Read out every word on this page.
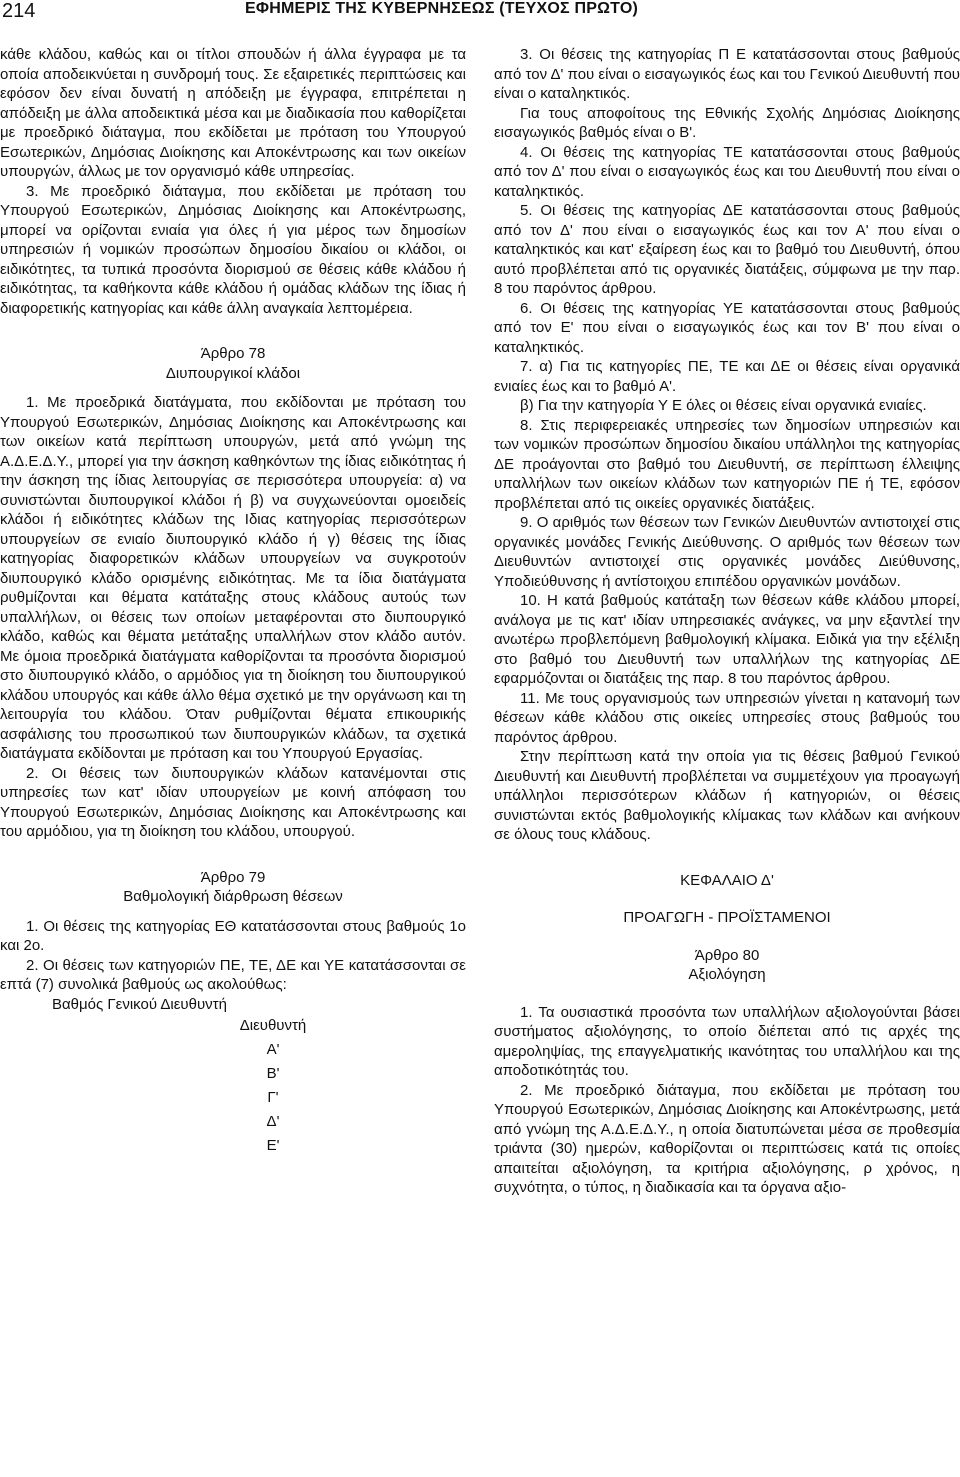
214	ΕΦΗΜΕΡΙΣ ΤΗΣ ΚΥΒΕΡΝΗΣΕΩΣ (ΤΕΥΧΟΣ ΠΡΩΤΟ)

κάθε κλάδου, καθώς και οι τίτλοι σπουδών ή άλλα έγγραφα με τα οποία αποδεικνύεται η συνδρομή τους. Σε εξαιρετικές περιπτώσεις και εφόσον δεν είναι δυνατή η απόδειξη με έγγραφα, επιτρέπεται η απόδειξη με άλλα αποδεικτικά μέσα και με διαδικασία που καθορίζεται με προεδρικό διάταγμα, που εκδίδεται με πρόταση του Υπουργού Εσωτερικών, Δημόσιας Διοίκησης και Αποκέντρωσης και των οικείων υπουργών, άλλως με τον οργανισμό κάθε υπηρεσίας.

3. Με προεδρικό διάταγμα, που εκδίδεται με πρόταση του Υπουργού Εσωτερικών, Δημόσιας Διοίκησης και Αποκέντρωσης, μπορεί να ορίζονται ενιαία για όλες ή για μέρος των δημοσίων υπηρεσιών ή νομικών προσώπων δημοσίου δικαίου οι κλάδοι, οι ειδικότητες, τα τυπικά προσόντα διορισμού σε θέσεις κάθε κλάδου ή ειδικότητας, τα καθήκοντα κάθε κλάδου ή ομάδας κλάδων της ίδιας ή διαφορετικής κατηγορίας και κάθε άλλη αναγκαία λεπτομέρεια.

Άρθρο 78

Διυπουργικοί κλάδοι

1. Με προεδρικά διατάγματα, που εκδίδονται με πρόταση του Υπουργού Εσωτερικών, Δημόσιας Διοίκησης και Αποκέντρωσης και των οικείων κατά περίπτωση υπουργών, μετά από γνώμη της Α.Δ.Ε.Δ.Υ., μπορεί για την άσκηση καθηκόντων της ίδιας ειδικότητας ή την άσκηση της ίδιας λειτουργίας σε περισσότερα υπουργεία: α) να συνιστώνται διυπουργικοί κλάδοι ή β) να συγχωνεύονται ομοειδείς κλάδοι ή ειδικότητες κλάδων της Ιδιας κατηγορίας περισσότερων υπουργείων σε ενιαίο διυπουργικό κλάδο ή γ) θέσεις της ίδιας κατηγορίας διαφορετικών κλάδων υπουργείων να συγκροτούν διυπουργικό κλάδο ορισμένης ειδικότητας. Με τα ίδια διατάγματα ρυθμίζονται και θέματα κατάταξης στους κλάδους αυτούς των υπαλλήλων, οι θέσεις των οποίων μεταφέρονται στο διυπουργικό κλάδο, καθώς και θέματα μετάταξης υπαλλήλων στον κλάδο αυτόν. Με όμοια προεδρικά διατάγματα καθορίζονται τα προσόντα διορισμού στο διυπουργικό κλάδο, ο αρμόδιος για τη διοίκηση του διυπουργικού κλάδου υπουργός και κάθε άλλο θέμα σχετικό με την οργάνωση και τη λειτουργία του κλάδου. Όταν ρυθμίζονται θέματα επικουρικής ασφάλισης του προσωπικού των διυπουργικών κλάδων, τα σχετικά διατάγματα εκδίδονται με πρόταση και του Υπουργού Εργασίας.

2. Οι θέσεις των διυπουργικών κλάδων κατανέμονται στις υπηρεσίες των κατ' ιδίαν υπουργείων με κοινή απόφαση του Υπουργού Εσωτερικών, Δημόσιας Διοίκησης και Αποκέντρωσης και του αρμόδιου, για τη διοίκηση του κλάδου, υπουργού.

Άρθρο 79

Βαθμολογική διάρθρωση θέσεων

1. Οι θέσεις της κατηγορίας ΕΘ κατατάσσονται στους βαθμούς 1ο και 2ο.

2. Οι θέσεις των κατηγοριών ΠΕ, ΤΕ, ΔΕ και ΥΕ κατατάσσονται σε επτά (7) συνολικά βαθμούς ως ακολούθως:

Βαθμός Γενικού Διευθυντή

Διευθυντή
Α'
Β'
Γ'
Δ'
Ε'

3. Οι θέσεις της κατηγορίας Π Ε κατατάσσονται στους βαθμούς από τον Δ' που είναι ο εισαγωγικός έως και του Γενικού Διευθυντή που είναι ο καταληκτικός.

Για τους αποφοίτους της Εθνικής Σχολής Δημόσιας Διοίκησης εισαγωγικός βαθμός είναι ο Β'.

4. Οι θέσεις της κατηγορίας ΤΕ κατατάσσονται στους βαθμούς από τον Δ' που είναι ο εισαγωγικός έως και του Διευθυντή που είναι ο καταληκτικός.

5. Οι θέσεις της κατηγορίας ΔΕ κατατάσσονται στους βαθμούς από τον Δ' που είναι ο εισαγωγικός έως και τον Α' που είναι ο καταληκτικός και κατ' εξαίρεση έως και το βαθμό του Διευθυντή, όπου αυτό προβλέπεται από τις οργανικές διατάξεις, σύμφωνα με την παρ. 8 του παρόντος άρθρου.

6. Οι θέσεις της κατηγορίας ΥΕ κατατάσσονται στους βαθμούς από τον Ε' που είναι ο εισαγωγικός έως και τον Β' που είναι ο καταληκτικός.

7. α) Για τις κατηγορίες ΠΕ, ΤΕ και ΔΕ οι θέσεις είναι οργανικά ενιαίες έως και το βαθμό Α'.

β) Για την κατηγορία Υ Ε όλες οι θέσεις είναι οργανικά ενιαίες.

8. Στις περιφερειακές υπηρεσίες των δημοσίων υπηρεσιών και των νομικών προσώπων δημοσίου δικαίου υπάλληλοι της κατηγορίας ΔΕ προάγονται στο βαθμό του Διευθυντή, σε περίπτωση έλλειψης υπαλλήλων των οικείων κλάδων των κατηγοριών ΠΕ ή ΤΕ, εφόσον προβλέπεται από τις οικείες οργανικές διατάξεις.

9. Ο αριθμός των θέσεων των Γενικών Διευθυντών αντιστοιχεί στις οργανικές μονάδες Γενικής Διεύθυνσης. Ο αριθμός των θέσεων των Διευθυντών αντιστοιχεί στις οργανικές μονάδες Διεύθυνσης, Υποδιεύθυνσης ή αντίστοιχου επιπέδου οργανικών μονάδων.

10. Η κατά βαθμούς κατάταξη των θέσεων κάθε κλάδου μπορεί, ανάλογα με τις κατ' ιδίαν υπηρεσιακές ανάγκες, να μην εξαντλεί την ανωτέρω προβλεπόμενη βαθμολογική κλίμακα. Ειδικά για την εξέλιξη στο βαθμό του Διευθυντή των υπαλλήλων της κατηγορίας ΔΕ εφαρμόζονται οι διατάξεις της παρ. 8 του παρόντος άρθρου.

11. Με τους οργανισμούς των υπηρεσιών γίνεται η κατανομή των θέσεων κάθε κλάδου στις οικείες υπηρεσίες στους βαθμούς του παρόντος άρθρου.

Στην περίπτωση κατά την οποία για τις θέσεις βαθμού Γενικού Διευθυντή και Διευθυντή προβλέπεται να συμμετέχουν για προαγωγή υπάλληλοι περισσότερων κλάδων ή κατηγοριών, οι θέσεις συνιστώνται εκτός βαθμολογικής κλίμακας των κλάδων και ανήκουν σε όλους τους κλάδους.

ΚΕΦΑΛΑΙΟ Δ'

ΠΡΟΑΓΩΓΗ - ΠΡΟΪΣΤΑΜΕΝΟΙ

Άρθρο 80

Αξιολόγηση

1. Τα ουσιαστικά προσόντα των υπαλλήλων αξιολογούνται βάσει συστήματος αξιολόγησης, το οποίο διέπεται από τις αρχές της αμεροληψίας, της επαγγελματικής ικανότητας του υπαλλήλου και της αποδοτικότητάς του.

2. Με προεδρικό διάταγμα, που εκδίδεται με πρόταση του Υπουργού Εσωτερικών, Δημόσιας Διοίκησης και Αποκέντρωσης, μετά από γνώμη της Α.Δ.Ε.Δ.Υ., η οποία διατυπώνεται μέσα σε προθεσμία τριάντα (30) ημερών, καθορίζονται οι περιπτώσεις κατά τις οποίες απαιτείται αξιολόγηση, τα κριτήρια αξιολόγησης, ρ χρόνος, η συχνότητα, ο τύπος, η διαδικασία και τα όργανα αξιο-
